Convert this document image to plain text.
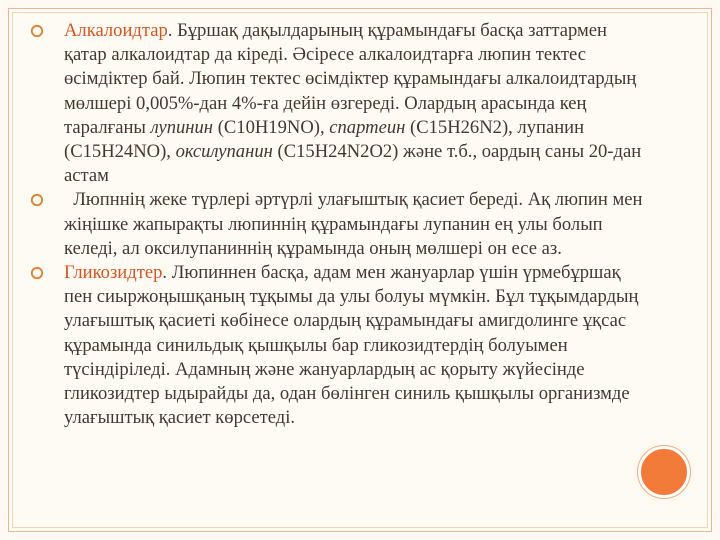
Алкалоидтар. Бұршақ дақылдарының құрамындағы басқа заттармен қатар алкалоидтар да кіреді. Әсіресе алкалоидтарға люпин тектес өсімдіктер бай. Люпин тектес өсімдіктер құрамындағы алкалоидтардың мөлшері 0,005%-дан 4%-ға дейін өзгереді. Олардың арасында кең таралғаны лупинин (С10Н19NO), спартеин (С15Н26N2), лупанин (С15Н24NO), оксилупанин (С15Н24N2O2) және т.б., оардың саны 20-дан астам

Люпннің жеке түрлері әртүрлі улағыштық қасиет береді. Ақ люпин мен жіңішке жапырақты люпиннің құрамындағы лупанин ең улы болып келеді, ал оксилупаниннің құрамында оның мөлшері он есе аз.

Гликозидтер. Люпиннен басқа, адам мен жануарлар үшін үрмебұршақ пен сиыржоңышқаның тұқымы да улы болуы мүмкін. Бұл тұқымдардың улағыштық қасиеті көбінесе олардың құрамындағы амигдолинге ұқсас құрамында синильдық қышқылы бар гликозидтердің болуымен түсіндіріледі. Адамның және жануарлардың ас қорыту жүйесінде гликозидтер ыдырайды да, одан бөлінген синиль қышқылы организмде улағыштық қасиет көрсетеді.
